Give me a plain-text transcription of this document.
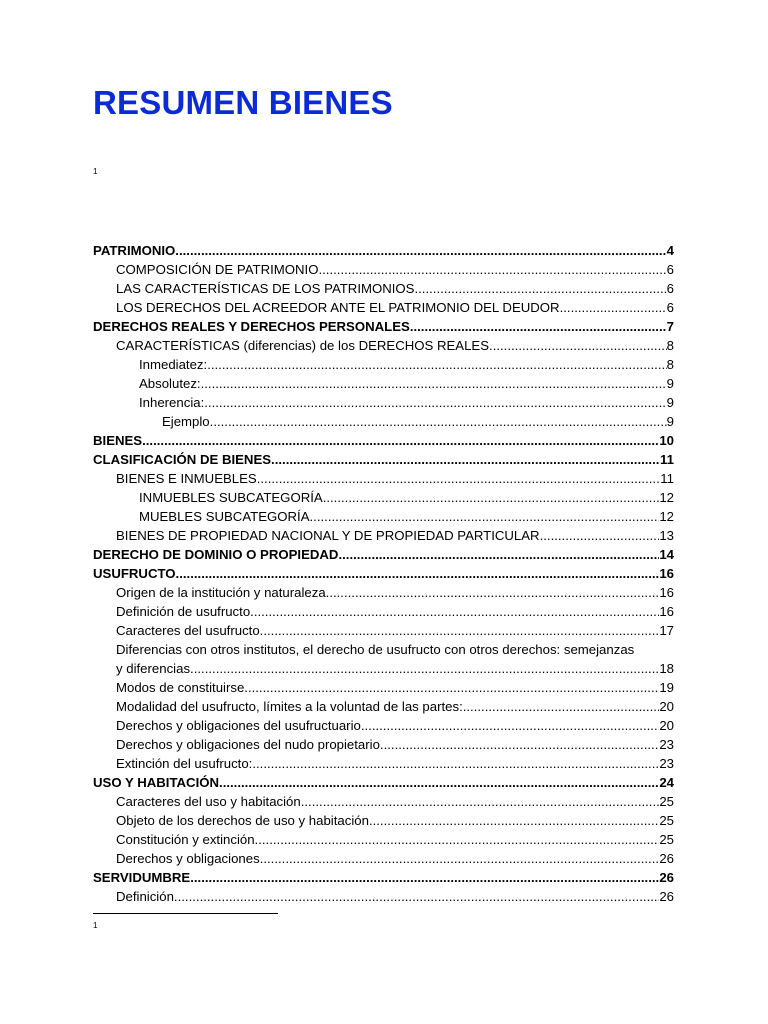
RESUMEN BIENES
1
PATRIMONIO .....	4
COMPOSICIÓN DE PATRIMONIO .....	6
LAS CARACTERÍSTICAS DE LOS PATRIMONIOS .....	6
LOS DERECHOS DEL ACREEDOR ANTE EL PATRIMONIO DEL DEUDOR .....	6
DERECHOS REALES Y DERECHOS PERSONALES .....	7
CARACTERÍSTICAS (diferencias) de los DERECHOS REALES .....	8
Inmediatez: .....	8
Absolutez: .....	9
Inherencia: .....	9
Ejemplo .....	9
BIENES .....	10
CLASIFICACIÓN DE BIENES .....	11
BIENES E INMUEBLES .....	11
INMUEBLES SUBCATEGORÍA .....	12
MUEBLES SUBCATEGORÍA .....	12
BIENES DE PROPIEDAD NACIONAL Y DE PROPIEDAD PARTICULAR .....	13
DERECHO DE DOMINIO O PROPIEDAD .....	14
USUFRUCTO .....	16
Origen de la institución y naturaleza .....	16
Definición de usufructo .....	16
Caracteres del usufructo .....	17
Diferencias con otros institutos, el derecho de usufructo con otros derechos: semejanzas
y diferencias .....	18
Modos de constituirse .....	19
Modalidad del usufructo, límites a la voluntad de las partes: .....	20
Derechos y obligaciones del usufructuario .....	20
Derechos y obligaciones del nudo propietario .....	23
Extinción del usufructo: .....	23
USO Y HABITACIÓN .....	24
Caracteres del uso y habitación .....	25
Objeto de los derechos de uso y habitación .....	25
Constitución y extinción .....	25
Derechos y obligaciones .....	26
SERVIDUMBRE .....	26
Definición .....	26
1
